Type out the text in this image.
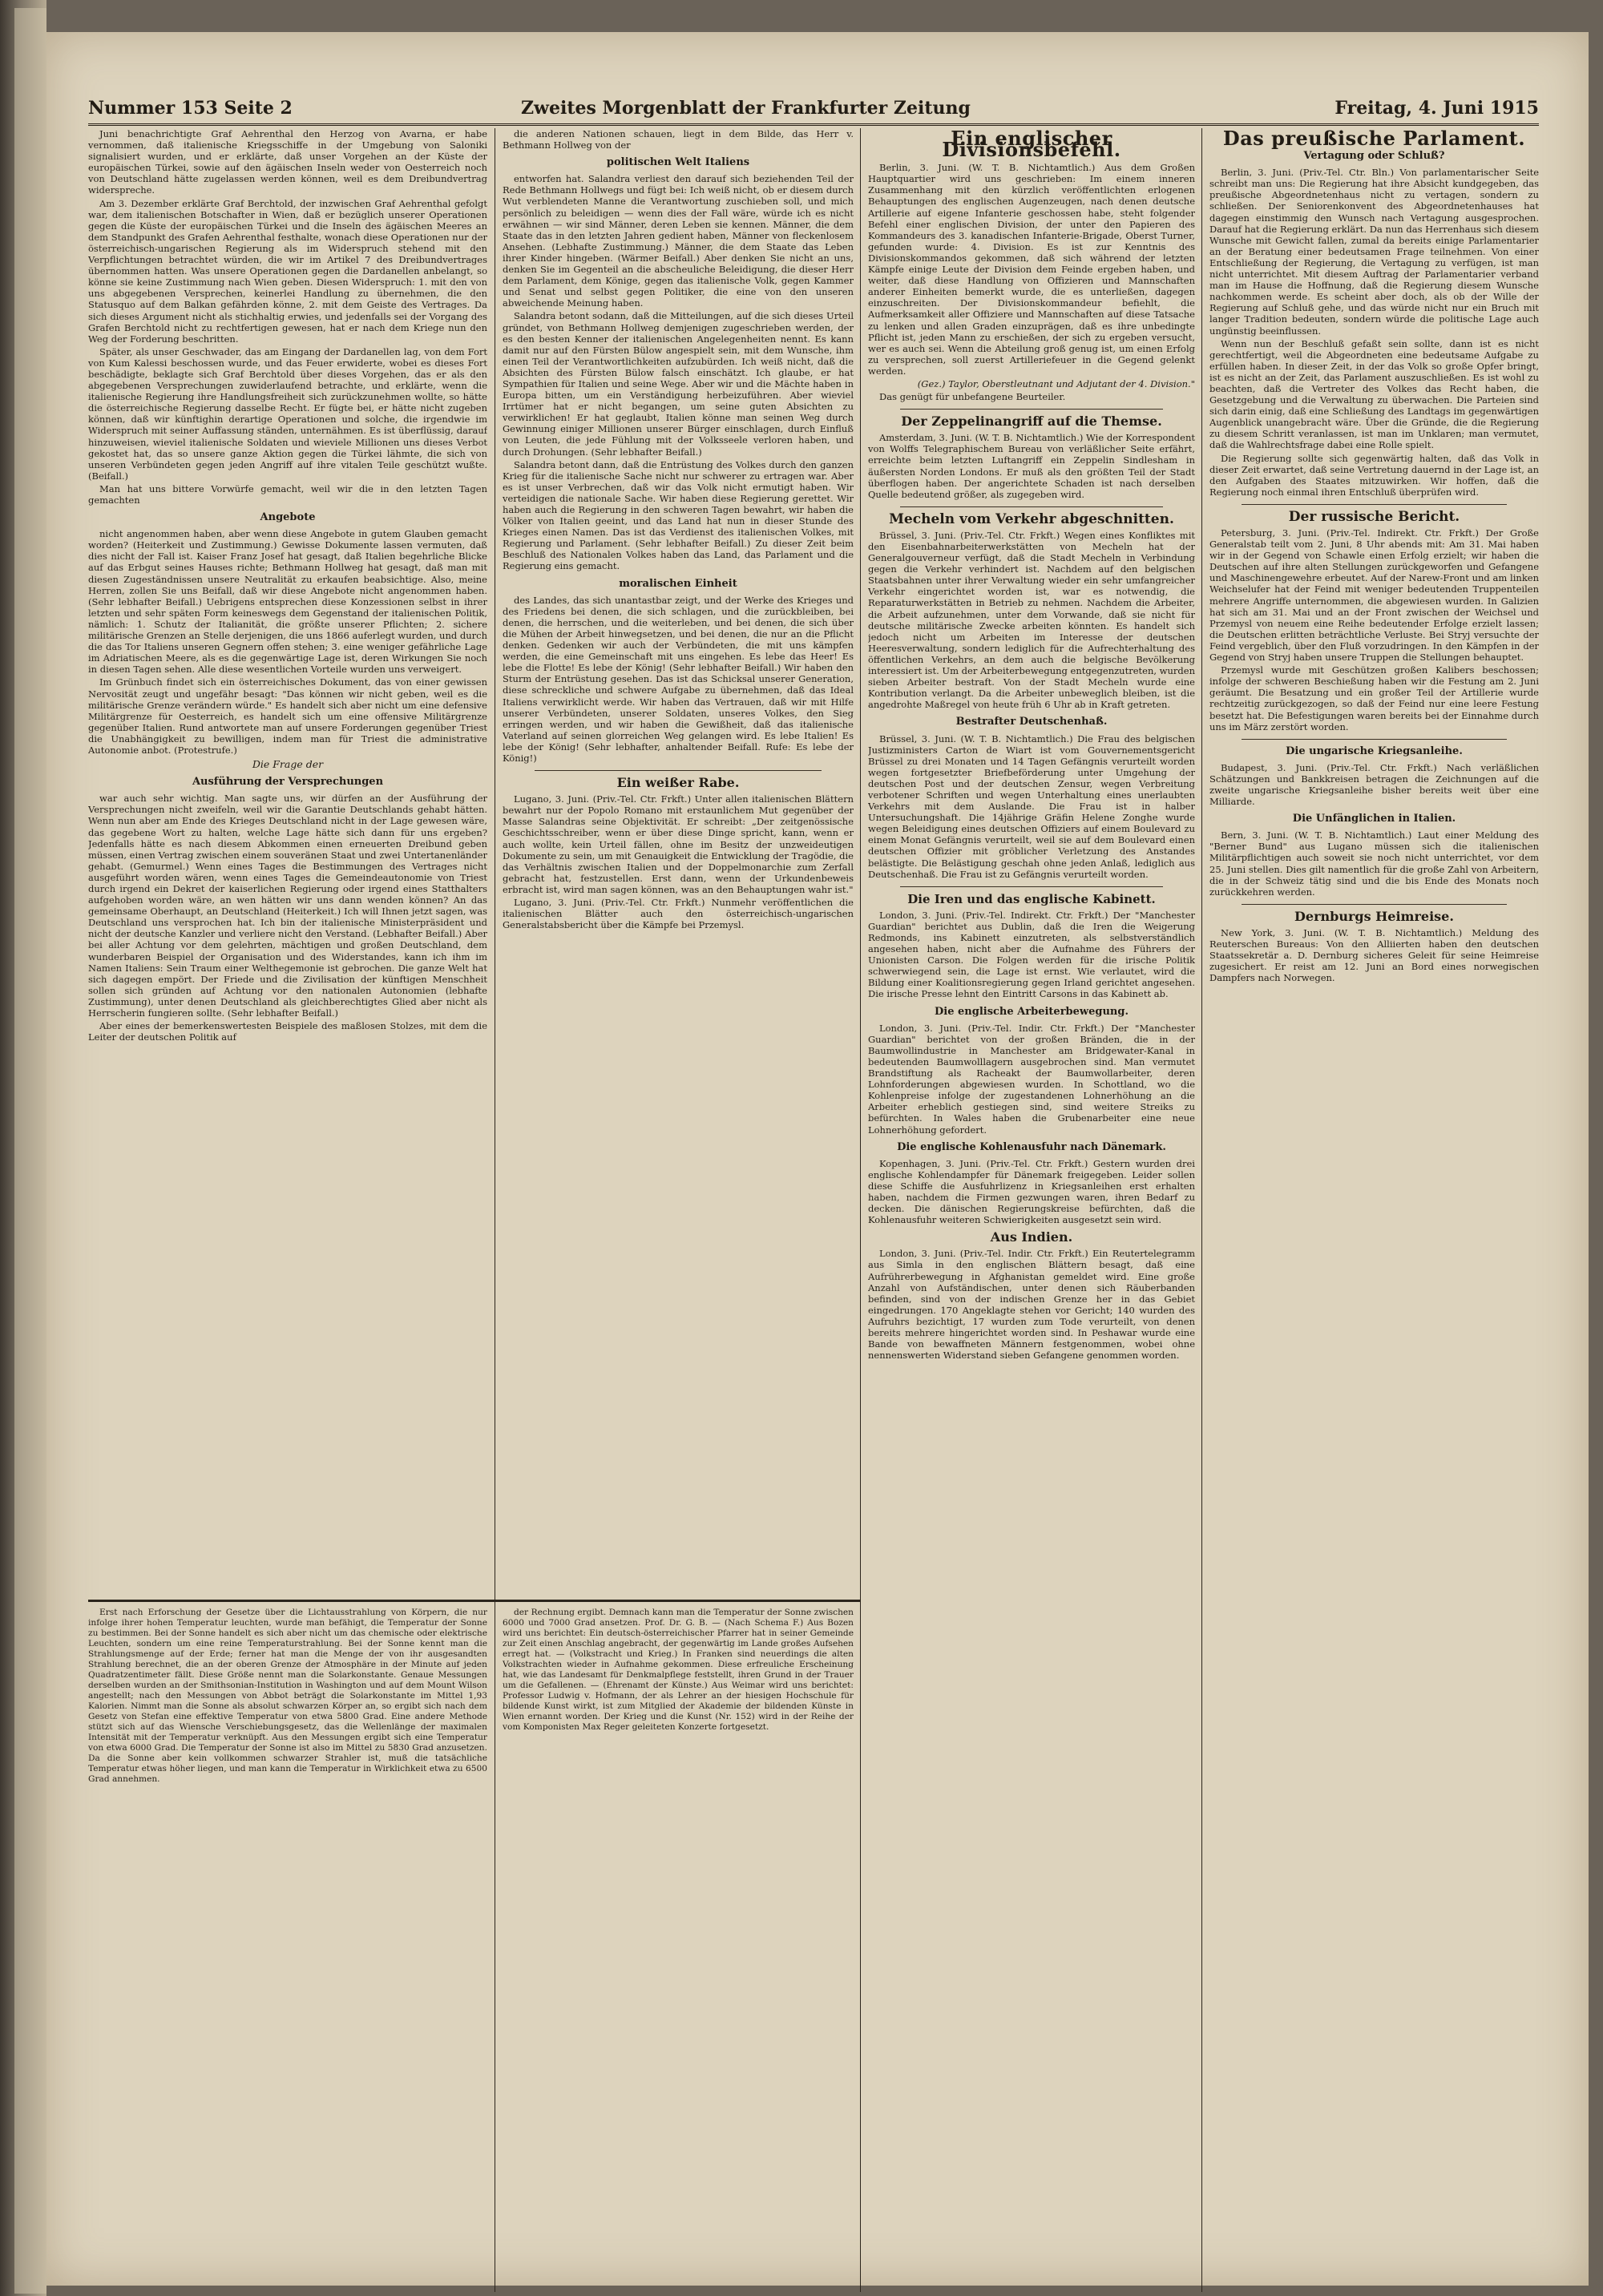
Nummer 153 Seite 2	Zweites Morgenblatt der Frankfurter Zeitung	Freitag, 4. Juni 1915

Juni benachrichtigte Graf Aehrenthal den Herzog von Avarna, er habe vernommen, daß italienische Kriegsschiffe in der Umgebung von Saloniki signalisiert wurden, und er erklärte, daß unser Vorgehen an der Küste der europäischen Türkei, sowie auf den ägäischen Inseln weder von Oesterreich noch von Deutschland hätte zugelassen werden können, weil es dem Dreibundvertrag widerspreche.

Am 3. Dezember erklärte Graf Berchtold, der inzwischen Graf Aehrenthal gefolgt war, dem italienischen Botschafter in Wien, daß er bezüglich unserer Operationen gegen die Küste der europäischen Türkei und die Inseln des ägäischen Meeres an dem Standpunkt des Grafen Aehrenthal festhalte, wonach diese Operationen nur der österreichisch-ungarischen Regierung als im Widerspruch stehend mit den Verpflichtungen betrachtet würden, die wir im Artikel 7 des Dreibundvertrages übernommen hatten. Was unsere Operationen gegen die Dardanellen anbelangt, so könne sie keine Zustimmung nach Wien geben. Diesen Widerspruch: 1. mit den von uns abgegebenen Versprechen, keinerlei Handlung zu übernehmen, die den Statusquo auf dem Balkan gefährden könne, 2. mit dem Geiste des Vertrages. Da sich dieses Argument nicht als stichhaltig erwies, und jedenfalls sei der Vorgang des Grafen Berchtold nicht zu rechtfertigen gewesen, hat er nach dem Kriege nun den Weg der Forderung beschritten.

Später, als unser Geschwader, das am Eingang der Dardanellen lag, von dem Fort von Kum Kalessi beschossen wurde, und das Feuer erwiderte, wobei es dieses Fort beschädigte, beklagte sich Graf Berchtold über dieses Vorgehen, das er als den abgegebenen Versprechungen zuwiderlaufend betrachte, und erklärte, wenn die italienische Regierung ihre Handlungsfreiheit sich zurückzunehmen wollte, so hätte die österreichische Regierung dasselbe Recht. Er fügte bei, er hätte nicht zugeben können, daß wir künftighin derartige Operationen und solche, die irgendwie im Widerspruch mit seiner Auffassung ständen, unternähmen. Es ist überflüssig, darauf hinzuweisen, wieviel italienische Soldaten und wieviele Millionen uns dieses Verbot gekostet hat, das so unsere ganze Aktion gegen die Türkei lähmte, die sich von unseren Verbündeten gegen jeden Angriff auf ihre vitalen Teile geschützt wußte. (Beifall.)

Man hat uns bittere Vorwürfe gemacht, weil wir die in den letzten Tagen gemachten

Angebote

nicht angenommen haben, aber wenn diese Angebote in gutem Glauben gemacht worden? (Heiterkeit und Zustimmung.) Gewisse Dokumente lassen vermuten, daß dies nicht der Fall ist. Kaiser Franz Josef hat gesagt, daß Italien begehrliche Blicke auf das Erbgut seines Hauses richte; Bethmann Hollweg hat gesagt, daß man mit diesen Zugeständnissen unsere Neutralität zu erkaufen beabsichtige. Also, meine Herren, zollen Sie uns Beifall, daß wir diese Angebote nicht angenommen haben. (Sehr lebhafter Beifall.) Uebrigens entsprechen diese Konzessionen selbst in ihrer letzten und sehr späten Form keineswegs dem Gegenstand der italienischen Politik, nämlich: 1. Schutz der Italianität, die größte unserer Pflichten; 2. sichere militärische Grenzen an Stelle derjenigen, die uns 1866 auferlegt wurden, und durch die das Tor Italiens unseren Gegnern offen stehen; 3. eine weniger gefährliche Lage im Adriatischen Meere, als es die gegenwärtige Lage ist, deren Wirkungen Sie noch in diesen Tagen sehen. Alle diese wesentlichen Vorteile wurden uns verweigert.

Im Grünbuch findet sich ein österreichisches Dokument, das von einer gewissen Nervosität zeugt und ungefähr besagt: "Das können wir nicht geben, weil es die militärische Grenze verändern würde." Es handelt sich aber nicht um eine defensive Militärgrenze für Oesterreich, es handelt sich um eine offensive Militärgrenze gegenüber Italien. Rund antwortete man auf unsere Forderungen gegenüber Triest die Unabhängigkeit zu bewilligen, indem man für Triest die administrative Autonomie anbot. (Protestrufe.)

Die Frage der
Ausführung der Versprechungen

war auch sehr wichtig. Man sagte uns, wir dürfen an der Ausführung der Versprechungen nicht zweifeln, weil wir die Garantie Deutschlands gehabt hätten. Wenn nun aber am Ende des Krieges Deutschland nicht in der Lage gewesen wäre, das gegebene Wort zu halten, welche Lage hätte sich dann für uns ergeben? Jedenfalls hätte es nach diesem Abkommen einen erneuerten Dreibund geben müssen, einen Vertrag zwischen einem souveränen Staat und zwei Untertanenländer gehabt. (Gemurmel.) Wenn eines Tages die Bestimmungen des Vertrages nicht ausgeführt worden wären, wenn eines Tages die Gemeindeautonomie von Triest durch irgend ein Dekret der kaiserlichen Regierung oder irgend eines Statthalters aufgehoben worden wäre, an wen hätten wir uns dann wenden können? An das gemeinsame Oberhaupt, an Deutschland (Heiterkeit.) Ich will Ihnen jetzt sagen, was Deutschland uns versprochen hat. Ich bin der italienische Ministerpräsident und nicht der deutsche Kanzler und verliere nicht den Verstand. (Lebhafter Beifall.) Aber bei aller Achtung vor dem gelehrten, mächtigen und großen Deutschland, dem wunderbaren Beispiel der Organisation und des Widerstandes, kann ich ihm im Namen Italiens: Sein Traum einer Welthegemonie ist gebrochen. Die ganze Welt hat sich dagegen empört. Der Friede und die Zivilisation der künftigen Menschheit sollen sich gründen auf Achtung vor den nationalen Autonomien (lebhafte Zustimmung), unter denen Deutschland als gleichberechtigtes Glied aber nicht als Herrscherin fungieren sollte. (Sehr lebhafter Beifall.)

Aber eines der bemerkenswertesten Beispiele des maßlosen Stolzes, mit dem die Leiter der deutschen Politik auf

die anderen Nationen schauen, liegt in dem Bilde, das Herr v. Bethmann Hollweg von der

politischen Welt Italiens

entworfen hat. Salandra verliest den darauf sich beziehenden Teil der Rede Bethmann Hollwegs und fügt bei: Ich weiß nicht, ob er diesem durch Wut verblendeten Manne die Verantwortung zuschieben soll, und mich persönlich zu beleidigen — wenn dies der Fall wäre, würde ich es nicht erwähnen — wir sind Männer, deren Leben sie kennen. Männer, die dem Staate das in den letzten Jahren gedient haben, Männer von fleckenlosem Ansehen. (Lebhafte Zustimmung.) Männer, die dem Staate das Leben ihrer Kinder hingeben. (Wärmer Beifall.) Aber denken Sie nicht an uns, denken Sie im Gegenteil an die abscheuliche Beleidigung, die dieser Herr dem Parlament, dem Könige, gegen das italienische Volk, gegen Kammer und Senat und selbst gegen Politiker, die eine von den unseren abweichende Meinung haben.

Salandra betont sodann, daß die Mitteilungen, auf die sich dieses Urteil gründet, von Bethmann Hollweg demjenigen zugeschrieben werden, der es den besten Kenner der italienischen Angelegenheiten nennt. Es kann damit nur auf den Fürsten Bülow angespielt sein, mit dem Wunsche, ihm einen Teil der Verantwortlichkeiten aufzubürden. Ich weiß nicht, daß die Absichten des Fürsten Bülow falsch einschätzt. Ich glaube, er hat Sympathien für Italien und seine Wege. Aber wir und die Mächte haben in Europa bitten, um ein Verständigung herbeizuführen. Aber wieviel Irrtümer hat er nicht begangen, um seine guten Absichten zu verwirklichen! Er hat geglaubt, Italien könne man seinen Weg durch Gewinnung einiger Millionen unserer Bürger einschlagen, durch Einfluß von Leuten, die jede Fühlung mit der Volksseele verloren haben, und durch Drohungen. (Sehr lebhafter Beifall.)

Salandra betont dann, daß die Entrüstung des Volkes durch den ganzen Krieg für die italienische Sache nicht nur schwerer zu ertragen war. Aber es ist unser Verbrechen, daß wir das Volk nicht ermutigt haben. Wir verteidigen die nationale Sache. Wir haben diese Regierung gerettet. Wir haben auch die Regierung in den schweren Tagen bewahrt, wir haben die Völker von Italien geeint, und das Land hat nun in dieser Stunde des Krieges einen Namen. Das ist das Verdienst des italienischen Volkes, mit Regierung und Parlament. (Sehr lebhafter Beifall.) Zu dieser Zeit beim Beschluß des Nationalen Volkes haben das Land, das Parlament und die Regierung eins gemacht.

moralischen Einheit

des Landes, das sich unantastbar zeigt, und der Werke des Krieges und des Friedens bei denen, die sich schlagen, und die zurückbleiben, bei denen, die herrschen, und die weiterleben, und bei denen, die sich über die Mühen der Arbeit hinwegsetzen, und bei denen, die nur an die Pflicht denken. Gedenken wir auch der Verbündeten, die mit uns kämpfen werden, die eine Gemeinschaft mit uns eingehen. Es lebe das Heer! Es lebe die Flotte! Es lebe der König! (Sehr lebhafter Beifall.) Wir haben den Sturm der Entrüstung gesehen. Das ist das Schicksal unserer Generation, diese schreckliche und schwere Aufgabe zu übernehmen, daß das Ideal Italiens verwirklicht werde. Wir haben das Vertrauen, daß wir mit Hilfe unserer Verbündeten, unserer Soldaten, unseres Volkes, den Sieg erringen werden, und wir haben die Gewißheit, daß das italienische Vaterland auf seinen glorreichen Weg gelangen wird. Es lebe Italien! Es lebe der König! (Sehr lebhafter, anhaltender Beifall. Rufe: Es lebe der König!)

Ein weißer Rabe.

Lugano, 3. Juni. (Priv.-Tel. Ctr. Frkft.) Unter allen italienischen Blättern bewahrt nur der Popolo Romano mit erstaunlichem Mut gegenüber der Masse Salandras seine Objektivität. Er schreibt: „Der zeitgenössische Geschichtsschreiber, wenn er über diese Dinge spricht, kann, wenn er auch wollte, kein Urteil fällen, ohne im Besitz der unzweideutigen Dokumente zu sein, um mit Genauigkeit die Entwicklung der Tragödie, die das Verhältnis zwischen Italien und der Doppelmonarchie zum Zerfall gebracht hat, festzustellen. Erst dann, wenn der Urkundenbeweis erbracht ist, wird man sagen können, was an den Behauptungen wahr ist."

Lugano, 3. Juni. (Priv.-Tel. Ctr. Frkft.) Nunmehr veröffentlichen die italienischen Blätter auch den österreichisch-ungarischen Generalstabsbericht über die Kämpfe bei Przemysl.

Ein englischer Divisionsbefehl.

Berlin, 3. Juni. (W. T. B. Nichtamtlich.) Aus dem Großen Hauptquartier wird uns geschrieben: Im einem inneren Zusammenhang mit den kürzlich veröffentlichten erlogenen Behauptungen des englischen Augenzeugen, nach denen deutsche Artillerie auf eigene Infanterie geschossen habe, steht folgender Befehl einer englischen Division, der unter den Papieren des Kommandeurs des 3. kanadischen Infanterie-Brigade, Oberst Turner, gefunden wurde: 4. Division. Es ist zur Kenntnis des Divisionskommandos gekommen, daß sich während der letzten Kämpfe einige Leute der Division dem Feinde ergeben haben, und weiter, daß diese Handlung von Offizieren und Mannschaften anderer Einheiten bemerkt wurde, die es unterließen, dagegen einzuschreiten. Der Divisionskommandeur befiehlt, die Aufmerksamkeit aller Offiziere und Mannschaften auf diese Tatsache zu lenken und allen Graden einzuprägen, daß es ihre unbedingte Pflicht ist, jeden Mann zu erschießen, der sich zu ergeben versucht, wer es auch sei. Wenn die Abteilung groß genug ist, um einen Erfolg zu versprechen, soll zuerst Artilleriefeuer in die Gegend gelenkt werden.

(Gez.) Taylor, Oberstleutnant und Adjutant der 4. Division."

Das genügt für unbefangene Beurteiler.

Der Zeppelinangriff auf die Themse.

Amsterdam, 3. Juni. (W. T. B. Nichtamtlich.) Wie der Korrespondent von Wolffs Telegraphischem Bureau von verläßlicher Seite erfährt, erreichte beim letzten Luftangriff ein Zeppelin Sindlesham in äußersten Norden Londons. Er muß als den größten Teil der Stadt überflogen haben. Der angerichtete Schaden ist nach derselben Quelle bedeutend größer, als zugegeben wird.

Mecheln vom Verkehr abgeschnitten.

Brüssel, 3. Juni. (Priv.-Tel. Ctr. Frkft.) Wegen eines Konfliktes mit den Eisenbahnarbeiterwerkstätten von Mecheln hat der Generalgouverneur verfügt, daß die Stadt Mecheln in Verbindung gegen die Verkehr verhindert ist. Nachdem auf den belgischen Staatsbahnen unter ihrer Verwaltung wieder ein sehr umfangreicher Verkehr eingerichtet worden ist, war es notwendig, die Reparaturwerkstätten in Betrieb zu nehmen. Nachdem die Arbeiter, die Arbeit aufzunehmen, unter dem Vorwande, daß sie nicht für deutsche militärische Zwecke arbeiten könnten. Es handelt sich jedoch nicht um Arbeiten im Interesse der deutschen Heeresverwaltung, sondern lediglich für die Aufrechterhaltung des öffentlichen Verkehrs, an dem auch die belgische Bevölkerung interessiert ist. Um der Arbeiterbewegung entgegenzutreten, wurden sieben Arbeiter bestraft. Von der Stadt Mecheln wurde eine Kontribution verlangt. Da die Arbeiter unbeweglich bleiben, ist die angedrohte Maßregel von heute früh 6 Uhr ab in Kraft getreten.

Bestrafter Deutschenhaß.

Brüssel, 3. Juni. (W. T. B. Nichtamtlich.) Die Frau des belgischen Justizministers Carton de Wiart ist vom Gouvernementsgericht Brüssel zu drei Monaten und 14 Tagen Gefängnis verurteilt worden wegen fortgesetzter Briefbeförderung unter Umgehung der deutschen Post und der deutschen Zensur, wegen Verbreitung verbotener Schriften und wegen Unterhaltung eines unerlaubten Verkehrs mit dem Auslande. Die Frau ist in halber Untersuchungshaft. Die 14jährige Gräfin Helene Zonghe wurde wegen Beleidigung eines deutschen Offiziers auf einem Boulevard zu einem Monat Gefängnis verurteilt, weil sie auf dem Boulevard einen deutschen Offizier mit gröblicher Verletzung des Anstandes belästigte. Die Belästigung geschah ohne jeden Anlaß, lediglich aus Deutschenhaß. Die Frau ist zu Gefängnis verurteilt worden.

Die Iren und das englische Kabinett.

London, 3. Juni. (Priv.-Tel. Indirekt. Ctr. Frkft.) Der "Manchester Guardian" berichtet aus Dublin, daß die Iren die Weigerung Redmonds, ins Kabinett einzutreten, als selbstverständlich angesehen haben, nicht aber die Aufnahme des Führers der Unionisten Carson. Die Folgen werden für die irische Politik schwerwiegend sein, die Lage ist ernst. Wie verlautet, wird die Bildung einer Koalitionsregierung gegen Irland gerichtet angesehen. Die irische Presse lehnt den Eintritt Carsons in das Kabinett ab.

Die englische Arbeiterbewegung.

London, 3. Juni. (Priv.-Tel. Indir. Ctr. Frkft.) Der "Manchester Guardian" berichtet von der großen Bränden, die in der Baumwollindustrie in Manchester am Bridgewater-Kanal in bedeutenden Baumwolllagern ausgebrochen sind. Man vermutet Brandstiftung als Racheakt der Baumwollarbeiter, deren Lohnforderungen abgewiesen wurden. In Schottland, wo die Kohlenpreise infolge der zugestandenen Lohnerhöhung an die Arbeiter erheblich gestiegen sind, sind weitere Streiks zu befürchten. In Wales haben die Grubenarbeiter eine neue Lohnerhöhung gefordert.

Die englische Kohlenausfuhr nach Dänemark.

Kopenhagen, 3. Juni. (Priv.-Tel. Ctr. Frkft.) Gestern wurden drei englische Kohlendampfer für Dänemark freigegeben. Leider sollen diese Schiffe die Ausfuhrlizenz in Kriegsanleihen erst erhalten haben, nachdem die Firmen gezwungen waren, ihren Bedarf zu decken. Die dänischen Regierungskreise befürchten, daß die Kohlenausfuhr weiteren Schwierigkeiten ausgesetzt sein wird.

Aus Indien.

London, 3. Juni. (Priv.-Tel. Indir. Ctr. Frkft.) Ein Reutertelegramm aus Simla in den englischen Blättern besagt, daß eine Aufrührerbewegung in Afghanistan gemeldet wird. Eine große Anzahl von Aufständischen, unter denen sich Räuberbanden befinden, sind von der indischen Grenze her in das Gebiet eingedrungen. 170 Angeklagte stehen vor Gericht; 140 wurden des Aufruhrs bezichtigt, 17 wurden zum Tode verurteilt, von denen bereits mehrere hingerichtet worden sind. In Peshawar wurde eine Bande von bewaffneten Männern festgenommen, wobei ohne nennenswerten Widerstand sieben Gefangene genommen worden.

Das preußische Parlament.
Vertagung oder Schluß?

Berlin, 3. Juni. (Priv.-Tel. Ctr. Bln.) Von parlamentarischer Seite schreibt man uns: Die Regierung hat ihre Absicht kundgegeben, das preußische Abgeordnetenhaus nicht zu vertagen, sondern zu schließen. Der Seniorenkonvent des Abgeordnetenhauses hat dagegen einstimmig den Wunsch nach Vertagung ausgesprochen. Darauf hat die Regierung erklärt. Da nun das Herrenhaus sich diesem Wunsche mit Gewicht fallen, zumal da bereits einige Parlamentarier an der Beratung einer bedeutsamen Frage teilnehmen. Von einer Entschließung der Regierung, die Vertagung zu verfügen, ist man nicht unterrichtet. Mit diesem Auftrag der Parlamentarier verband man im Hause die Hoffnung, daß die Regierung diesem Wunsche nachkommen werde. Es scheint aber doch, als ob der Wille der Regierung auf Schluß gehe, und das würde nicht nur ein Bruch mit langer Tradition bedeuten, sondern würde die politische Lage auch ungünstig beeinflussen.

Wenn nun der Beschluß gefaßt sein sollte, dann ist es nicht gerechtfertigt, weil die Abgeordneten eine bedeutsame Aufgabe zu erfüllen haben. In dieser Zeit, in der das Volk so große Opfer bringt, ist es nicht an der Zeit, das Parlament auszuschließen. Es ist wohl zu beachten, daß die Vertreter des Volkes das Recht haben, die Gesetzgebung und die Verwaltung zu überwachen. Die Parteien sind sich darin einig, daß eine Schließung des Landtags im gegenwärtigen Augenblick unangebracht wäre. Über die Gründe, die die Regierung zu diesem Schritt veranlassen, ist man im Unklaren; man vermutet, daß die Wahlrechtsfrage dabei eine Rolle spielt.

Die Regierung sollte sich gegenwärtig halten, daß das Volk in dieser Zeit erwartet, daß seine Vertretung dauernd in der Lage ist, an den Aufgaben des Staates mitzuwirken. Wir hoffen, daß die Regierung noch einmal ihren Entschluß überprüfen wird.

Der russische Bericht.

Petersburg, 3. Juni. (Priv.-Tel. Indirekt. Ctr. Frkft.) Der Große Generalstab teilt vom 2. Juni, 8 Uhr abends mit: Am 31. Mai haben wir in der Gegend von Schawle einen Erfolg erzielt; wir haben die Deutschen auf ihre alten Stellungen zurückgeworfen und Gefangene und Maschinengewehre erbeutet. Auf der Narew-Front und am linken Weichselufer hat der Feind mit weniger bedeutenden Truppenteilen mehrere Angriffe unternommen, die abgewiesen wurden. In Galizien hat sich am 31. Mai und an der Front zwischen der Weichsel und Przemysl von neuem eine Reihe bedeutender Erfolge erzielt lassen; die Deutschen erlitten beträchtliche Verluste. Bei Stryj versuchte der Feind vergeblich, über den Fluß vorzudringen. In den Kämpfen in der Gegend von Stryj haben unsere Truppen die Stellungen behauptet.

Przemysl wurde mit Geschützen großen Kalibers beschossen; infolge der schweren Beschießung haben wir die Festung am 2. Juni geräumt. Die Besatzung und ein großer Teil der Artillerie wurde rechtzeitig zurückgezogen, so daß der Feind nur eine leere Festung besetzt hat. Die Befestigungen waren bereits bei der Einnahme durch uns im März zerstört worden.

Die ungarische Kriegsanleihe.

Budapest, 3. Juni. (Priv.-Tel. Ctr. Frkft.) Nach verläßlichen Schätzungen und Bankkreisen betragen die Zeichnungen auf die zweite ungarische Kriegsanleihe bisher bereits weit über eine Milliarde.

Die Unfänglichen in Italien.

Bern, 3. Juni. (W. T. B. Nichtamtlich.) Laut einer Meldung des "Berner Bund" aus Lugano müssen sich die italienischen Militärpflichtigen auch soweit sie noch nicht unterrichtet, vor dem 25. Juni stellen. Dies gilt namentlich für die große Zahl von Arbeitern, die in der Schweiz tätig sind und die bis Ende des Monats noch zurückkehren werden.

Dernburgs Heimreise.

New York, 3. Juni. (W. T. B. Nichtamtlich.) Meldung des Reuterschen Bureaus: Von den Alliierten haben den deutschen Staatssekretär a. D. Dernburg sicheres Geleit für seine Heimreise zugesichert. Er reist am 12. Juni an Bord eines norwegischen Dampfers nach Norwegen.

Erst nach Erforschung der Gesetze über die Lichtausstrahlung von Körpern, die nur infolge ihrer hohen Temperatur leuchten, wurde man befähigt, die Temperatur der Sonne zu bestimmen. Bei der Sonne handelt es sich aber nicht um das chemische oder elektrische Leuchten, sondern um eine reine Temperaturstrahlung. Bei der Sonne kennt man die Strahlungsmenge auf der Erde; ferner hat man die Menge der von ihr ausgesandten Strahlung berechnet, die an der oberen Grenze der Atmosphäre in der Minute auf jeden Quadratzentimeter fällt. Diese Größe nennt man die Solarkonstante. Genaue Messungen derselben wurden an der Smithsonian-Institution in Washington und auf dem Mount Wilson angestellt; nach den Messungen von Abbot beträgt die Solarkonstante im Mittel 1,93 Kalorien. Nimmt man die Sonne als absolut schwarzen Körper an, so ergibt sich nach dem Gesetz von Stefan eine effektive Temperatur von etwa 5800 Grad. Eine andere Methode stützt sich auf das Wiensche Verschiebungsgesetz, das die Wellenlänge der maximalen Intensität mit der Temperatur verknüpft. Aus den Messungen ergibt sich eine Temperatur von etwa 6000 Grad. Die Temperatur der Sonne ist also im Mittel zu 5830 Grad anzusetzen. Da die Sonne aber kein vollkommen schwarzer Strahler ist, muß die tatsächliche Temperatur etwas höher liegen, und man kann die Temperatur in Wirklichkeit etwa zu 6500 Grad annehmen.

der Rechnung ergibt. Demnach kann man die Temperatur der Sonne zwischen 6000 und 7000 Grad ansetzen. Prof. Dr. G. B. — (Nach Schema F.) Aus Bozen wird uns berichtet: Ein deutsch-österreichischer Pfarrer hat in seiner Gemeinde zur Zeit einen Anschlag angebracht, der gegenwärtig im Lande großes Aufsehen erregt hat. — (Volkstracht und Krieg.) In Franken sind neuerdings die alten Volkstrachten wieder in Aufnahme gekommen. Diese erfreuliche Erscheinung hat, wie das Landesamt für Denkmalpflege feststellt, ihren Grund in der Trauer um die Gefallenen. — (Ehrenamt der Künste.) Aus Weimar wird uns berichtet: Professor Ludwig v. Hofmann, der als Lehrer an der hiesigen Hochschule für bildende Kunst wirkt, ist zum Mitglied der Akademie der bildenden Künste in Wien ernannt worden. Der Krieg und die Kunst (Nr. 152) wird in der Reihe der vom Komponisten Max Reger geleiteten Konzerte fortgesetzt.
